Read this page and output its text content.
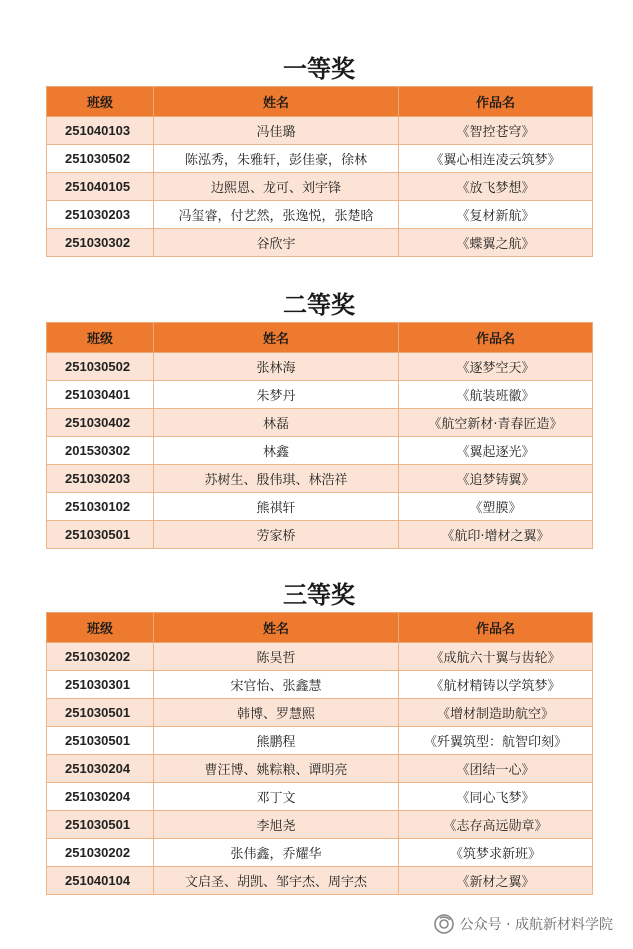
一等奖
班级	姓名	作品名
251040103	冯佳璐	《智控苍穹》
251030502	陈泓秀，朱雅轩，彭佳豪，徐林	《翼心相连凌云筑梦》
251040105	边熙恩、龙可、刘宇锋	《放飞梦想》
251030203	冯玺睿，付艺然，张逸悦，张楚晗	《复材新航》
251030302	谷欣宇	《蝶翼之航》
二等奖
班级	姓名	作品名
251030502	张林海	《逐梦空天》
251030401	朱梦丹	《航装班徽》
251030402	林磊	《航空新材·青春匠造》
201530302	林鑫	《翼起逐光》
251030203	苏树生、殷伟琪、林浩祥	《追梦铸翼》
251030102	熊祺轩	《塑膜》
251030501	劳家桥	《航印·增材之翼》
三等奖
班级	姓名	作品名
251030202	陈昊哲	《成航六十翼与齿轮》
251030301	宋官怡、张鑫慧	《航材精铸以学筑梦》
251030501	韩博、罗慧熙	《增材制造助航空》
251030501	熊鹏程	《歼翼筑型：航智印刻》
251030204	曹汪博、姚粽粮、谭明亮	《团结一心》
251030204	邓丁文	《同心飞梦》
251030501	李旭尧	《志存高远勋章》
251030202	张伟鑫，乔耀华	《筑梦求新班》
251040104	文启圣、胡凯、邹宇杰、周宇杰	《新材之翼》
公众号 · 成航新材料学院
